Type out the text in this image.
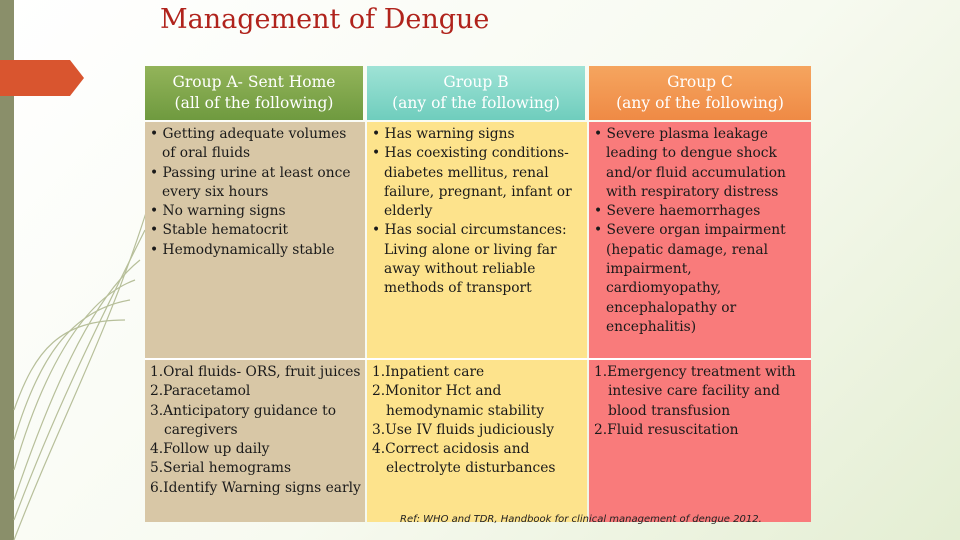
Management of Dengue
Group A- Sent Home
(all of the following)
Group B
(any of the following)
Group C
(any of the following)
• Getting adequate volumes of oral fluids
• Passing urine at least once every six hours
• No warning signs
• Stable hematocrit
• Hemodynamically stable
• Has warning signs
• Has coexisting conditions- diabetes mellitus, renal failure, pregnant, infant or elderly
• Has social circumstances: Living alone or living far away without reliable methods of transport
• Severe plasma leakage leading to dengue shock and/or fluid accumulation with respiratory distress
• Severe haemorrhages
• Severe organ impairment (hepatic damage, renal impairment, cardiomyopathy, encephalopathy or encephalitis)
1.Oral fluids- ORS, fruit juices
2.Paracetamol
3.Anticipatory guidance to caregivers
4.Follow up daily
5.Serial hemograms
6.Identify Warning signs early
1.Inpatient care
2.Monitor Hct and hemodynamic stability
3.Use IV fluids judiciously
4.Correct acidosis and electrolyte disturbances
1.Emergency treatment with intesive care facility and blood transfusion
2.Fluid resuscitation
Ref: WHO and TDR, Handbook for clinical management of dengue 2012.
